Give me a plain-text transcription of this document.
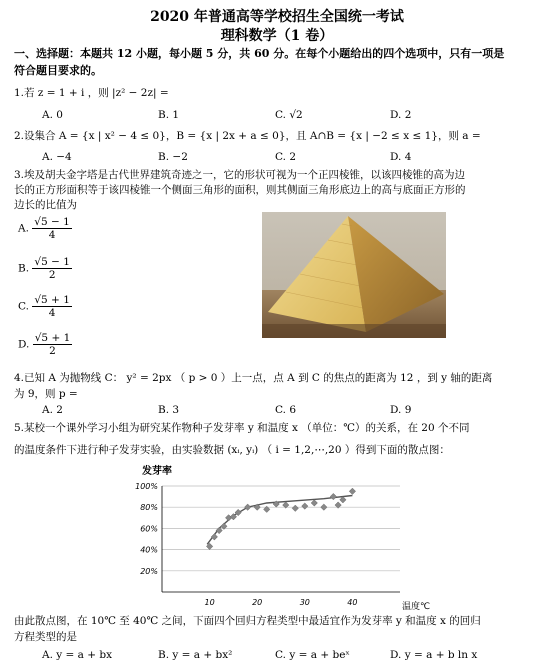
2020 年普通高等学校招生全国统一考试
理科数学（1 卷）
一、选择题：本题共 12 小题，每小题 5 分，共 60 分。在每个小题给出的四个选项中，只有一项是
符合题目要求的。
1.若 z = 1 + i ，则 |z² − 2z| =
A. 0	B. 1	C. √2	D. 2
2.设集合 A = {x | x² − 4 ≤ 0}，B = {x | 2x + a ≤ 0}，且 A∩B = {x | −2 ≤ x ≤ 1}，则 a =
A. −4	B. −2	C. 2	D. 4
3.埃及胡夫金字塔是古代世界建筑奇迹之一，它的形状可视为一个正四棱锥，以该四棱锥的高为边
长的正方形面积等于该四棱锥一个侧面三角形的面积，则其侧面三角形底边上的高与底面正方形的
边长的比值为
A. $\frac{√5 - 1}{4}$
B. $\frac{√5 - 1}{2}$
C. $\frac{√5 + 1}{4}$
D. $\frac{√5 + 1}{2}$
4.已知 A 为抛物线 C： y² = 2px （ p > 0 ）上一点，点 A 到 C 的焦点的距离为 12 ，到 y 轴的距离
为 9，则 p =
A. 2	B. 3	C. 6	D. 9
5.某校一个课外学习小组为研究某作物种子发芽率 y 和温度 x （单位：℃）的关系，在 20 个不同
的温度条件下进行种子发芽实验，由实验数据 (xᵢ, yᵢ) （ i = 1,2,⋯,20 ）得到下面的散点图：
发芽率
20%
40%
60%
80%
100%
10	20	30	40	温度℃
由此散点图，在 10℃ 至 40℃ 之间，下面四个回归方程类型中最适宜作为发芽率 y 和温度 x 的回归
方程类型的是
A. y = a + bx	B. y = a + bx²	C. y = a + beˣ	D. y = a + b ln x
